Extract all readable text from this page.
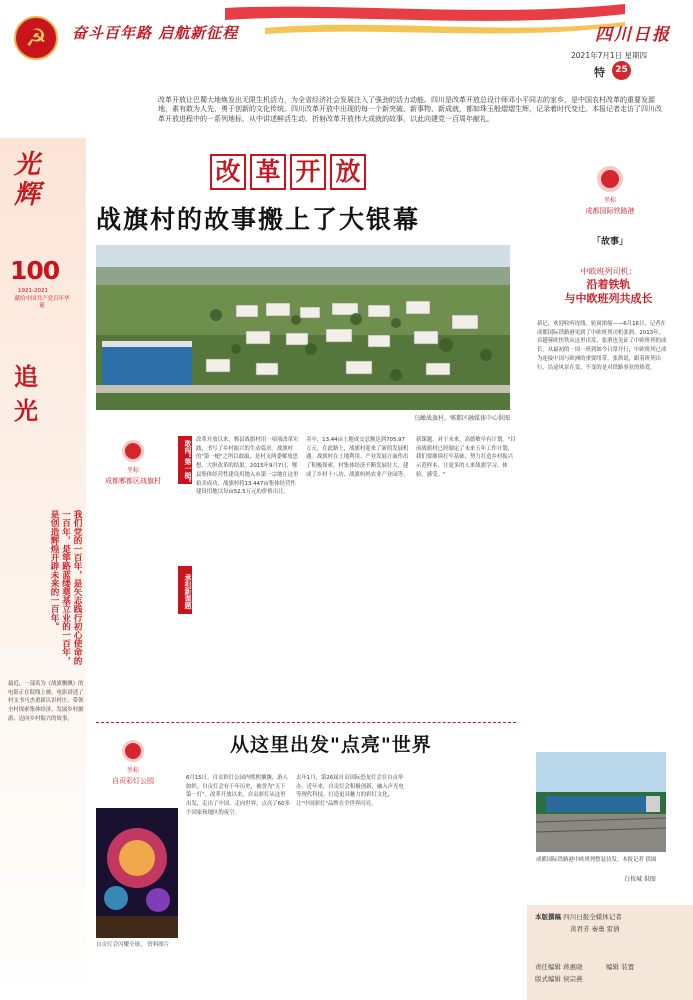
☭	奋斗百年路 启航新征程	四川日报
2021年7月1日 星期四
特	25
改革开放让巴蜀大地焕发出无限生机活力，为全省经济社会发展注入了强劲的活力动能。四川是改革开放总设计师邓小平同志的家乡，是中国农村改革的重要发源地，素有敢为人先、勇于创新的文化传统。四川改革开放中出现的每一个新突破、新事物、新成就，都如珠玉般熠熠生辉，记录着时代变迁。本报记者走访了四川改革开放进程中的一系列地标，从中讲述鲜活生动、折射改革开放伟大成就的故事，以此向建党一百周年献礼。
光辉
100
1921-2021
献给中国共产党百年华诞
追光
我们党的一百年，是矢志践行初心使命的一百年，是筚路蓝缕奠基立业的一百年，是创造辉煌开辟未来的一百年。
最近，一部名为《战旗飘飘》的电影正在院线上映。电影讲述了村支书马杰重新认识村庄、带领全村探索集体经济、发展乡村旅游、迈向乡村振兴的故事。
改 革 开 放
战旗村的故事搬上了大银幕
乌瞰战旗村。郫都区融媒体中心供图
坐标
成都郫都区战旗村	敢闯"第一槌" 改革开放以来，郫县战旗村用一项项改革实践，书写了乡村振兴的生动篇章。战旗村的"第一槌"之所以敢敲，是村支两委解放思想、大胆改革的结果。2015年9月7日，郫县集体经营性建设用地入市第一宗地在这里拍卖成功，战旗村将13.447亩集体经营性建设用地以每亩52.5万元的价格出让。
承担新课题
卖中，13.44亩土地成交总额达到705.97万元。在此路上，战旗村迎来了新的发展机遇。战旗村在土地利用、产业发展方面作出了积极探索，村集体经济不断发展壮大，建成了乡村十八坊、战旗妈妈农业产业园等。
新课题。对于未来，高德敏早有计划。"目前战旗村已经制定了未来五年工作计划，我们要继续打牢基础，努力打造乡村振兴示范样本，让更多的人来战旗学习、体验、感受。"
从这里出发"点亮"世界
坐标
自贡彩灯公园
自贡灯会闪耀全球。 资料图片
6月15日，自贡彩灯公园内熙熙攘攘，游人如织。自贡灯会有千年历史，被誉为"天下第一灯"。改革开放以来，自贡彩灯从这里出发，走出了中国、走向世界，点亮了60多个国家和地区的夜空。
去年1月，第26届自贡国际恐龙灯会在自贡举办。近年来，自贡灯会积极创新，融入声光电等现代科技，打造更具魅力的彩灯文化，让"中国彩灯"品牌在全世界闪亮。
坐标
成都国际铁路港
「故事」
中欧班列司机：
沿着铁轨
与中欧班列共成长
新记，欢迎收听连线。轮岗浓缩——6月16日，记者在成都国际铁路港见到了中欧班列司机张泗。2013年，首趟蓉欧快铁从这里出发，张泗也见证了中欧班列的成长。从最初的一周一班到如今日常开行，中欧班列已成为连接中国与欧洲的重要纽带。张泗说，跟着班列出行，沿途风景在变，不变的是对铁路事业的热爱。
成都国际铁路港中欧班列整装待发。本报记者 供图
白枝城 供图
本版撰稿 四川日报全媒体记者
黄君芳 秦勇 雷倩
责任编辑 蒋惠晓	编辑 装置
版式编辑 侯宗燕
